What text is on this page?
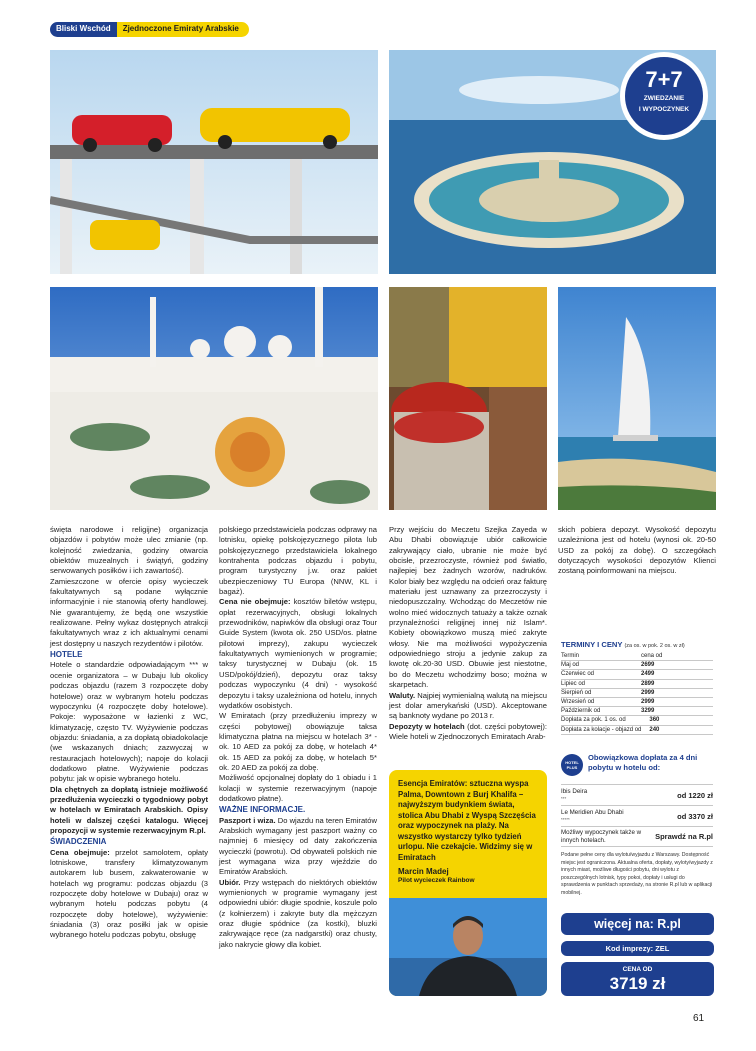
Bliski Wschód	Zjednoczone Emiraty Arabskie
7+7
ZWIEDZANIE
I WYPOCZYNEK

święta narodowe i religijne) organizacja objazdów i pobytów może ulec zmianie (np. kolejność zwiedzania, godziny otwarcia obiektów muzealnych i świątyń, godziny serwowanych posiłków i ich zawartość).

Zamieszczone w ofercie opisy wycieczek fakultatywnych są podane wyłącznie informacyjnie i nie stanowią oferty handlowej. Nie gwarantujemy, że będą one wszystkie realizowane. Pełny wykaz dostępnych atrakcji fakultatywnych wraz z ich aktualnymi cenami jest dostępny u naszych rezydentów i pilotów.

HOTELE

Hotele o standardzie odpowiadającym *** w ocenie organizatora – w Dubaju lub okolicy podczas objazdu (razem 3 rozpoczęte doby hotelowe) oraz w wybranym hotelu podczas wypoczynku (4 rozpoczęte doby hotelowe). Pokoje: wyposażone w łazienki z WC, klimatyzację, często TV. Wyżywienie podczas objazdu: śniadania, a za dopłatą obiadokolacje (we wskazanych dniach; zazwyczaj w restauracjach hotelowych); napoje do kolacji dodatkowo płatne. Wyżywienie podczas pobytu: jak w opisie wybranego hotelu.

Dla chętnych za dopłatą istnieje możliwość przedłużenia wycieczki o tygodniowy pobyt w hotelach w Emiratach Arabskich. Opisy hoteli w dalszej części katalogu. Więcej propozycji w systemie rezerwacyjnym R.pl.

ŚWIADCZENIA

Cena obejmuje: przelot samolotem, opłaty lotniskowe, transfery klimatyzowanym autokarem lub busem, zakwaterowanie w hotelach wg programu: podczas objazdu (3 rozpoczęte doby hotelowe w Dubaju) oraz w wybranym hotelu podczas pobytu (4 rozpoczęte doby hotelowe), wyżywienie: śniadania (3) oraz posiłki jak w opisie wybranego hotelu podczas pobytu, obsługę

polskiego przedstawiciela podczas odprawy na lotnisku, opiekę polskojęzycznego pilota lub polskojęzycznego przedstawiciela lokalnego kontrahenta podczas objazdu i pobytu, program turystyczny j.w. oraz pakiet ubezpieczeniowy TU Europa (NNW, KL i bagaż).

Cena nie obejmuje: kosztów biletów wstępu, opłat rezerwacyjnych, obsługi lokalnych przewodników, napiwków dla obsługi oraz Tour Guide System (kwota ok. 250 USD/os. płatne pilotowi imprezy), zakupu wycieczek fakultatywnych wymienionych w programie; taksy turystycznej w Dubaju (ok. 15 USD/pokój/dzień), depozytu oraz taksy podczas wypoczynku (4 dni) - wysokość depozytu i taksy uzależniona od hotelu, innych wydatków osobistych.

W Emiratach (przy przedłużeniu imprezy w części pobytowej) obowiązuje taksa klimatyczna płatna na miejscu w hotelach 3* - ok. 10 AED za pokój za dobę, w hotelach 4* ok. 15 AED za pokój za dobę, w hotelach 5* ok. 20 AED za pokój za dobę.

Możliwość opcjonalnej dopłaty do 1 obiadu i 1 kolacji w systemie rezerwacyjnym (napoje dodatkowo płatne).

WAŻNE INFORMACJE.

Paszport i wiza. Do wjazdu na teren Emiratów Arabskich wymagany jest paszport ważny co najmniej 6 miesięcy od daty zakończenia wycieczki (powrotu). Od obywateli polskich nie jest wymagana wiza przy wjeździe do Emiratów Arabskich.

Ubiór. Przy wstępach do niektórych obiektów wymienionych w programie wymagany jest odpowiedni ubiór: długie spodnie, koszule polo (z kołnierzem) i zakryte buty dla mężczyzn oraz długie spódnice (za kostki), bluzki zakrywające ręce (za nadgarstki) oraz chusty, jako nakrycie głowy dla kobiet.

Przy wejściu do Meczetu Szejka Zayeda w Abu Dhabi obowiązuje ubiór całkowicie zakrywający ciało, ubranie nie może być obcisłe, przezroczyste, również pod światło, najlepiej bez żadnych wzorów, nadruków. Kolor biały bez względu na odcień oraz fakturę materiału jest uznawany za przezroczysty i niedopuszczalny. Wchodząc do Meczetów nie wolno mieć widocznych tatuaży a także oznak przynależności religijnej innej niż Islam*. Kobiety obowiązkowo muszą mieć zakryte włosy. Nie ma możliwości wypożyczenia odpowiedniego stroju a jedynie zakup za kwotę ok.20-30 USD. Obuwie jest niestotne, bo do Meczetu wchodzimy boso; można w skarpetach.

Waluty. Najpiej wymienialną walutą na miejscu jest dolar amerykański (USD). Akceptowane są banknoty wydane po 2013 r.

Depozyty w hotelach (dot. części pobytowej): Wiele hoteli w Zjednoczonych Emiratach Arab-

skich pobiera depozyt. Wysokość depozytu uzależniona jest od hotelu (wynosi ok. 20-50 USD za pokój za dobę). O szczegółach dotyczących wysokości depozytów Klienci zostaną poinformowani na miejscu.

Esencja Emiratów: sztuczna wyspa Palma, Downtown z Burj Khalifa – najwyższym budynkiem świata, stolica Abu Dhabi z Wyspą Szczęścia oraz wypoczynek na plaży. Na wszystko wystarczy tylko tydzień urlopu. Nie czekajcie. Widzimy się w Emiratach
Marcin Madej
Pilot wycieczek Rainbow
TERMINY I CENY (za os. w pok. 2 os. w zł)
Termin	cena od
Maj od	2699
Czerwiec od	2499
Lipiec od	2899
Sierpień od	2999
Wrzesień od	2999
Październik od	3299
Dopłata za pok. 1 os. od	360
Dopłata za kolacje - objazd od	240
HOTEL
PLUS
Obowiązkowa dopłata za 4 dni
pobytu w hotelu od:
Ibis Deira
***	od 1220 zł
Le Meridien Abu Dhabi
*****	od 3370 zł
Możliwy wypoczynek także w innych hotelach.	Sprawdź na R.pl
Podane pełne ceny dla wylotu/wyjazdu z Warszawy. Dostępność miejsc jest ograniczona. Aktualna oferta, dopłaty, wyloty/wyjazdy z innych miast, możliwe długości pobytu, dni wylotu z poszczególnych lotnisk, typy pokoi, dopłaty i usługi do sprawdzenia w punktach sprzedaży, na stronie R.pl lub w aplikacji mobilnej.
więcej na: R.pl
Kod imprezy: ZEL
CENA OD
3719 zł
61
